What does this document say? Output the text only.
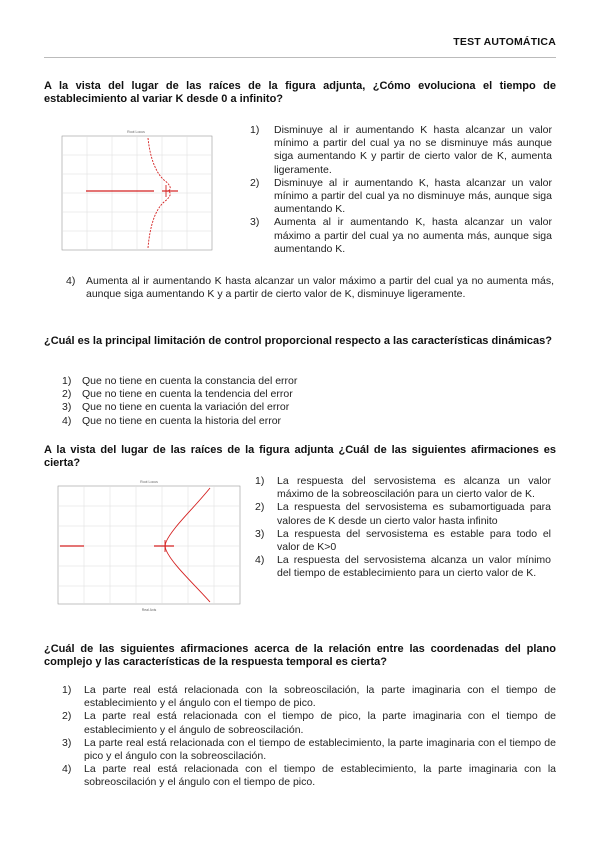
TEST AUTOMÁTICA
A la vista del lugar de las raíces de la figura adjunta, ¿Cómo evoluciona el tiempo de establecimiento al variar K desde 0 a infinito?
Root Locus	1)	Disminuye al ir aumentando K hasta alcanzar un valor mínimo a partir del cual ya no se disminuye más aunque siga aumentando K y partir de cierto valor de K, aumenta ligeramente.
2)	Disminuye al ir aumentando K, hasta alcanzar un valor mínimo a partir del cual ya no disminuye más, aunque siga aumentando K.
3)	Aumenta al ir aumentando K, hasta alcanzar un valor máximo a partir del cual ya no aumenta más, aunque siga aumentando K.
4)	Aumenta al ir aumentando K hasta alcanzar un valor máximo a partir del cual ya no aumenta más, aunque siga aumentando K y a partir de cierto valor de K, disminuye ligeramente.
¿Cuál es la principal limitación de control proporcional respecto a las características dinámicas?
1)	Que no tiene en cuenta la constancia del error
2)	Que no tiene en cuenta la tendencia del error
3)	Que no tiene en cuenta la variación del error
4)	Que no tiene en cuenta la historia del error
A la vista del lugar de las raíces de la figura adjunta ¿Cuál de las siguientes afirmaciones es cierta?
Root Locus
Real Axis
1)	La respuesta del servosistema es alcanza un valor máximo de la sobreoscilación para un cierto valor de K.
2)	La respuesta del servosistema es subamortiguada para valores de K desde un cierto valor hasta infinito
3)	La respuesta del servosistema es estable para todo el valor de K>0
4)	La respuesta del servosistema alcanza un valor mínimo del tiempo de establecimiento para un cierto valor de K.
¿Cuál de las siguientes afirmaciones acerca de la relación entre las coordenadas del plano complejo y las características de la respuesta temporal es cierta?
1)	La parte real está relacionada con la sobreoscilación, la parte imaginaria con el tiempo de establecimiento y el ángulo con el tiempo de pico.
2)	La parte real está relacionada con el tiempo de pico, la parte imaginaria con el tiempo de establecimiento y el ángulo de sobreoscilación.
3)	La parte real está relacionada con el tiempo de establecimiento, la parte imaginaria con el tiempo de pico y el ángulo con la sobreoscilación.
4)	La parte real está relacionada con el tiempo de establecimiento, la parte imaginaria con la sobreoscilación y el ángulo con el tiempo de pico.
